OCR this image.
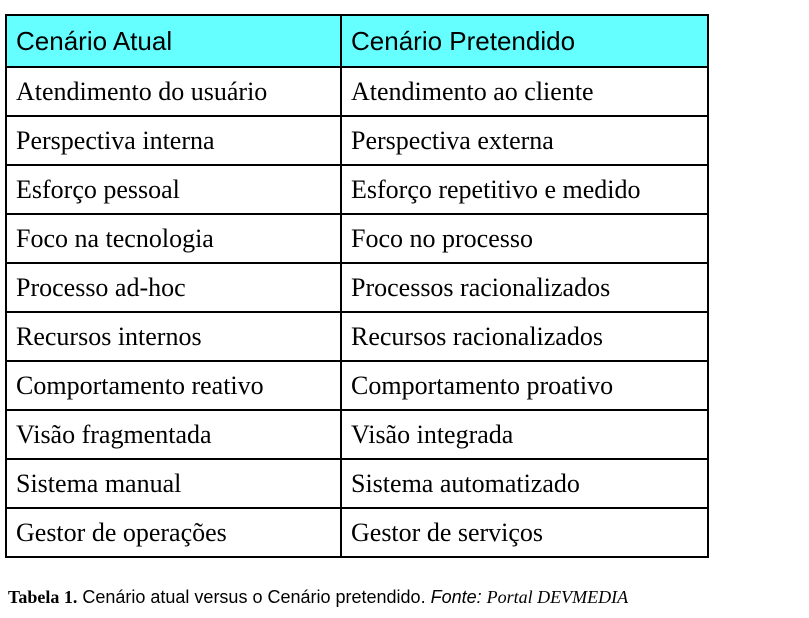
Cenário Atual	Cenário Pretendido
Atendimento do usuário	Atendimento ao cliente
Perspectiva interna	Perspectiva externa
Esforço pessoal	Esforço repetitivo e medido
Foco na tecnologia	Foco no processo
Processo ad-hoc	Processos racionalizados
Recursos internos	Recursos racionalizados
Comportamento reativo	Comportamento proativo
Visão fragmentada	Visão integrada
Sistema manual	Sistema automatizado
Gestor de operações	Gestor de serviços
Tabela 1. Cenário atual versus o Cenário pretendido. Fonte: Portal DEVMEDIA
